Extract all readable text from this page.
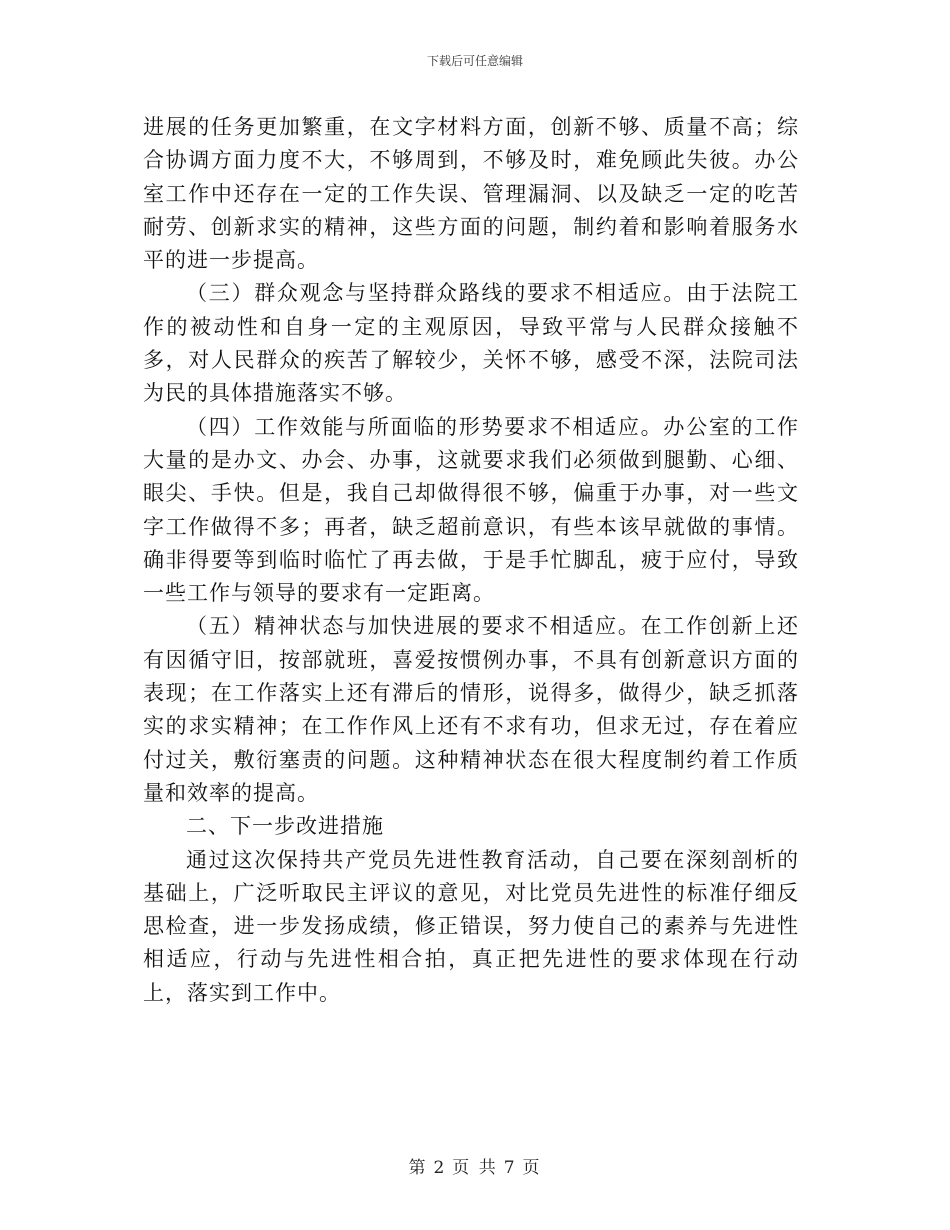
下载后可任意编辑

进展的任务更加繁重，在文字材料方面，创新不够、质量不高；综合协调方面力度不大，不够周到，不够及时，难免顾此失彼。办公室工作中还存在一定的工作失误、管理漏洞、以及缺乏一定的吃苦耐劳、创新求实的精神，这些方面的问题，制约着和影响着服务水平的进一步提高。

（三）群众观念与坚持群众路线的要求不相适应。由于法院工作的被动性和自身一定的主观原因，导致平常与人民群众接触不多，对人民群众的疾苦了解较少，关怀不够，感受不深，法院司法为民的具体措施落实不够。

（四）工作效能与所面临的形势要求不相适应。办公室的工作大量的是办文、办会、办事，这就要求我们必须做到腿勤、心细、眼尖、手快。但是，我自己却做得很不够，偏重于办事，对一些文字工作做得不多；再者，缺乏超前意识，有些本该早就做的事情。确非得要等到临时临忙了再去做，于是手忙脚乱，疲于应付，导致一些工作与领导的要求有一定距离。

（五）精神状态与加快进展的要求不相适应。在工作创新上还有因循守旧，按部就班，喜爱按惯例办事，不具有创新意识方面的表现；在工作落实上还有滞后的情形，说得多，做得少，缺乏抓落实的求实精神；在工作作风上还有不求有功，但求无过，存在着应付过关，敷衍塞责的问题。这种精神状态在很大程度制约着工作质量和效率的提高。

二、下一步改进措施

通过这次保持共产党员先进性教育活动，自己要在深刻剖析的基础上，广泛听取民主评议的意见，对比党员先进性的标准仔细反思检查，进一步发扬成绩，修正错误，努力使自己的素养与先进性相适应，行动与先进性相合拍，真正把先进性的要求体现在行动上，落实到工作中。

第 2 页 共 7 页
